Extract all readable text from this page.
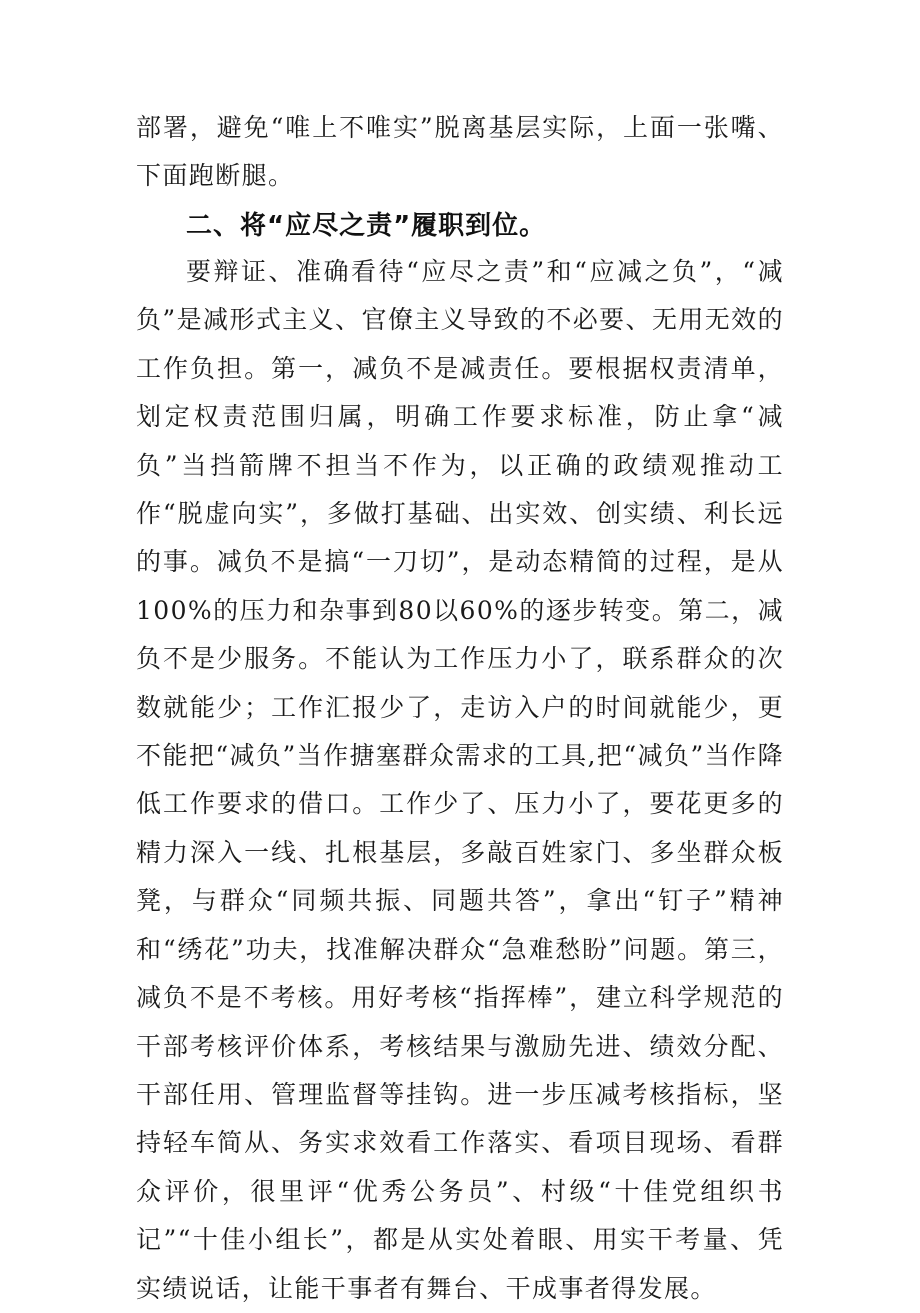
部署，避免“唯上不唯实”脱离基层实际，上面一张嘴、下面跑断腿。

二、将“应尽之责”履职到位。

要辩证、准确看待“应尽之责”和“应减之负”，“减负”是减形式主义、官僚主义导致的不必要、无用无效的工作负担。第一，减负不是减责任。要根据权责清单，划定权责范围归属，明确工作要求标准，防止拿“减负”当挡箭牌不担当不作为，以正确的政绩观推动工作“脱虚向实”，多做打基础、出实效、创实绩、利长远的事。减负不是搞“一刀切”，是动态精简的过程，是从100%的压力和杂事到80以60%的逐步转变。第二，减负不是少服务。不能认为工作压力小了，联系群众的次数就能少；工作汇报少了，走访入户的时间就能少，更不能把“减负”当作搪塞群众需求的工具,把“减负”当作降低工作要求的借口。工作少了、压力小了，要花更多的精力深入一线、扎根基层，多敲百姓家门、多坐群众板凳，与群众“同频共振、同题共答”，拿出“钉子”精神和“绣花”功夫，找准解决群众“急难愁盼”问题。第三，减负不是不考核。用好考核“指挥棒”，建立科学规范的干部考核评价体系，考核结果与激励先进、绩效分配、干部任用、管理监督等挂钩。进一步压减考核指标，坚持轻车简从、务实求效看工作落实、看项目现场、看群众评价，很里评“优秀公务员”、村级“十佳党组织书记”“十佳小组长”，都是从实处着眼、用实干考量、凭实绩说话，让能干事者有舞台、干成事者得发展。
